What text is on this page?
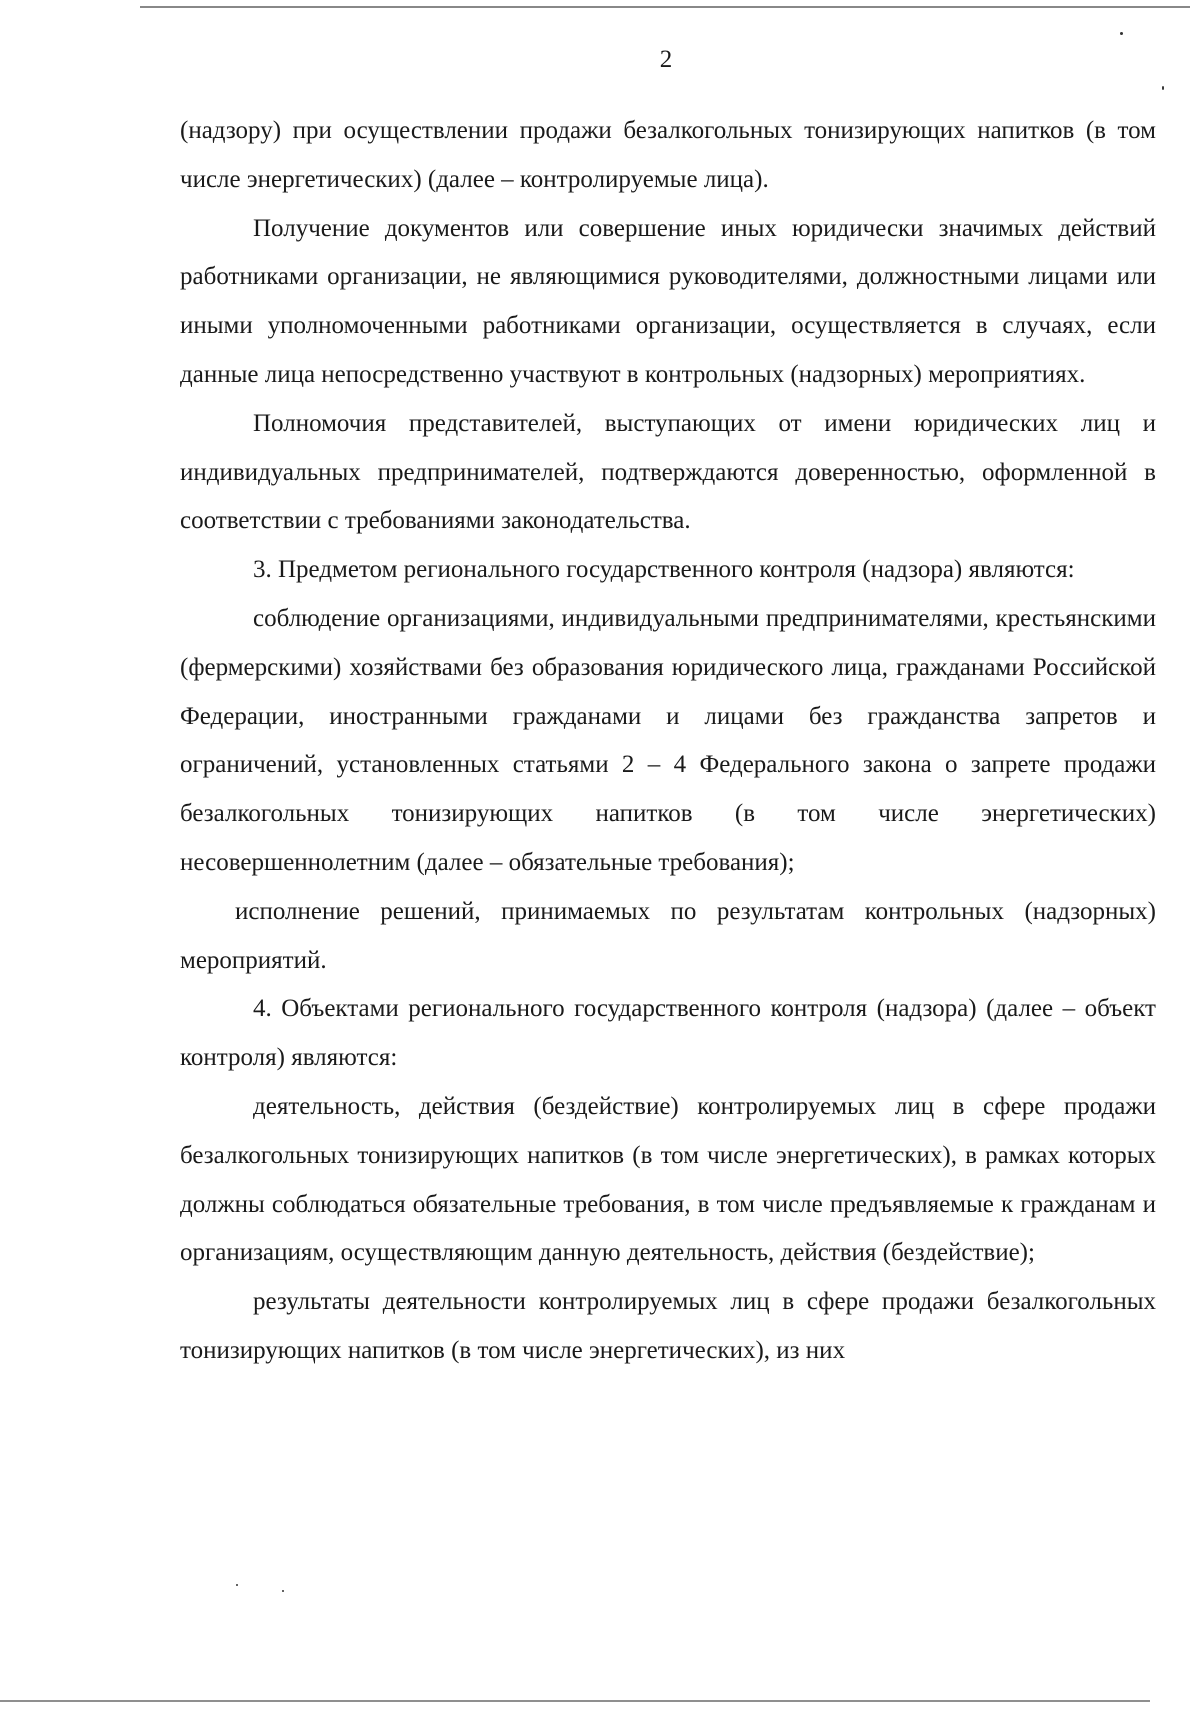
2

(надзору) при осуществлении продажи безалкогольных тонизирующих напитков (в том числе энергетических) (далее – контролируемые лица).

Получение документов или совершение иных юридически значимых действий работниками организации, не являющимися руководителями, должностными лицами или иными уполномоченными работниками организации, осуществляется в случаях, если данные лица непосредственно участвуют в контрольных (надзорных) мероприятиях.

Полномочия представителей, выступающих от имени юридических лиц и индивидуальных предпринимателей, подтверждаются доверенностью, оформленной в соответствии с требованиями законодательства.

3. Предметом регионального государственного контроля (надзора) являются:

соблюдение организациями, индивидуальными предпринимателями, крестьянскими (фермерскими) хозяйствами без образования юридического лица, гражданами Российской Федерации, иностранными гражданами и лицами без гражданства запретов и ограничений, установленных статьями 2 – 4 Федерального закона о запрете продажи безалкогольных тонизирующих напитков (в том числе энергетических) несовершеннолетним (далее – обязательные требования);

исполнение решений, принимаемых по результатам контрольных (надзорных) мероприятий.

4. Объектами регионального государственного контроля (надзора) (далее – объект контроля) являются:

деятельность, действия (бездействие) контролируемых лиц в сфере продажи безалкогольных тонизирующих напитков (в том числе энергетических), в рамках которых должны соблюдаться обязательные требования, в том числе предъявляемые к гражданам и организациям, осуществляющим данную деятельность, действия (бездействие);

результаты деятельности контролируемых лиц в сфере продажи безалкогольных тонизирующих напитков (в том числе энергетических), из них
